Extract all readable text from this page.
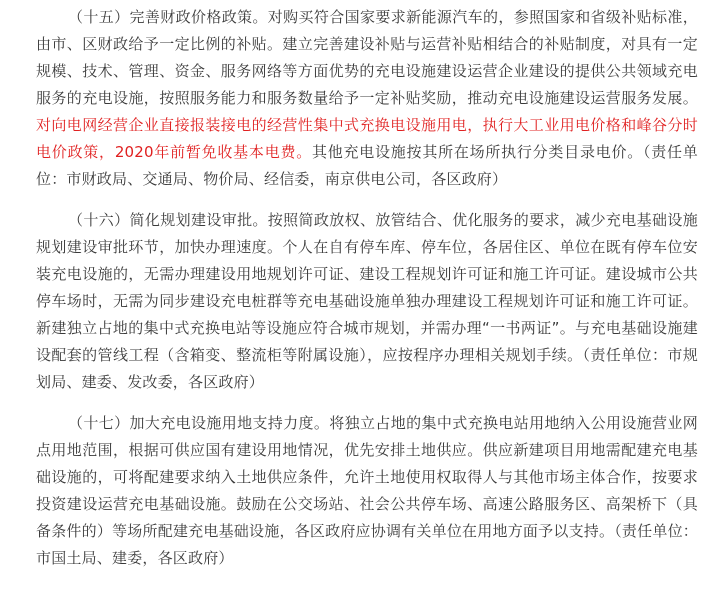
（十五）完善财政价格政策。对购买符合国家要求新能源汽车的，参照国家和省级补贴标准，由市、区财政给予一定比例的补贴。建立完善建设补贴与运营补贴相结合的补贴制度，对具有一定规模、技术、管理、资金、服务网络等方面优势的充电设施建设运营企业建设的提供公共领域充电服务的充电设施，按照服务能力和服务数量给予一定补贴奖励，推动充电设施建设运营服务发展。对向电网经营企业直接报装接电的经营性集中式充换电设施用电，执行大工业用电价格和峰谷分时电价政策，2020年前暂免收基本电费。其他充电设施按其所在场所执行分类目录电价。（责任单位：市财政局、交通局、物价局、经信委，南京供电公司，各区政府）

（十六）简化规划建设审批。按照简政放权、放管结合、优化服务的要求，减少充电基础设施规划建设审批环节，加快办理速度。个人在自有停车库、停车位，各居住区、单位在既有停车位安装充电设施的，无需办理建设用地规划许可证、建设工程规划许可证和施工许可证。建设城市公共停车场时，无需为同步建设充电桩群等充电基础设施单独办理建设工程规划许可证和施工许可证。新建独立占地的集中式充换电站等设施应符合城市规划，并需办理“一书两证”。与充电基础设施建设配套的管线工程（含箱变、整流柜等附属设施），应按程序办理相关规划手续。（责任单位：市规划局、建委、发改委，各区政府）

（十七）加大充电设施用地支持力度。将独立占地的集中式充换电站用地纳入公用设施营业网点用地范围，根据可供应国有建设用地情况，优先安排土地供应。供应新建项目用地需配建充电基础设施的，可将配建要求纳入土地供应条件，允许土地使用权取得人与其他市场主体合作，按要求投资建设运营充电基础设施。鼓励在公交场站、社会公共停车场、高速公路服务区、高架桥下（具备条件的）等场所配建充电基础设施，各区政府应协调有关单位在用地方面予以支持。（责任单位：市国土局、建委，各区政府）
